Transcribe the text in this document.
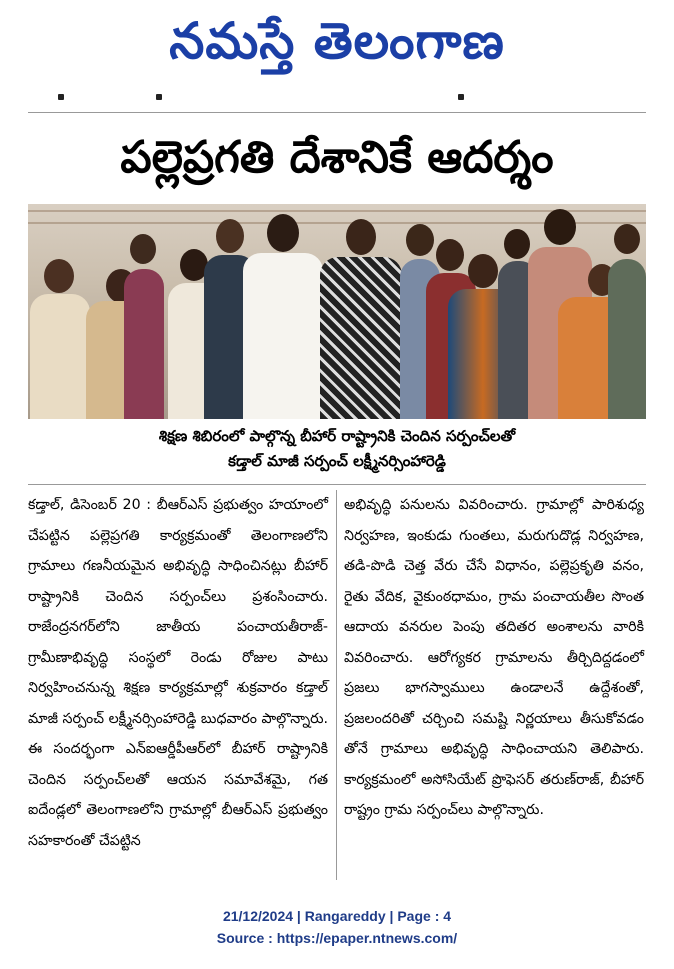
నమస్తే తెలంగాణ
పల్లెప్రగతి దేశానికే ఆదర్శం
శిక్షణ శిబిరంలో పాల్గొన్న బీహార్ రాష్ట్రానికి చెందిన సర్పంచ్‌లతో
కడ్తాల్ మాజీ సర్పంచ్ లక్ష్మీనర్సింహారెడ్డి
కడ్తాల్, డిసెంబర్ 20 : బీఆర్ఎస్ ప్రభుత్వం హయాంలో చేపట్టిన పల్లెప్రగతి కార్యక్రమంతో తెలంగాణలోని గ్రామాలు గణనీయమైన అభివృద్ధి సాధించినట్లు బీహార్ రాష్ట్రానికి చెందిన సర్పంచ్‌లు ప్రశంసించారు. రాజేంద్రనగర్‌లోని జాతీయ పంచాయతీరాజ్-గ్రామీణాభివృద్ధి సంస్థలో రెండు రోజుల పాటు నిర్వహించనున్న శిక్షణ కార్యక్రమాల్లో శుక్రవారం కడ్తాల్ మాజీ సర్పంచ్ లక్ష్మీనర్సింహారెడ్డి బుధవారం పాల్గొన్నారు. ఈ సందర్భంగా ఎన్ఐఆర్డీపీఆర్‌లో బీహార్ రాష్ట్రానికి చెందిన సర్పంచ్‌లతో ఆయన సమావేశమై, గత ఐదేండ్లలో తెలంగాణలోని గ్రామాల్లో బీఆర్ఎస్ ప్రభుత్వం సహకారంతో చేపట్టిన
అభివృద్ధి పనులను వివరించారు. గ్రామాల్లో పారిశుధ్య నిర్వహణ, ఇంకుడు గుంతలు, మరుగుదొడ్ల నిర్వహణ, తడి-పొడి చెత్త వేరు చేసే విధానం, పల్లెప్రకృతి వనం, రైతు వేదిక, వైకుంఠధామం, గ్రామ పంచాయతీల సొంత ఆదాయ వనరుల పెంపు తదితర అంశాలను వారికి వివరించారు. ఆరోగ్యకర గ్రామాలను తీర్చిదిద్దడంలో ప్రజలు భాగస్వాములు ఉండాలనే ఉద్దేశంతో, ప్రజలందరితో చర్చించి సమష్టి నిర్ణయాలు తీసుకోవడం తోనే గ్రామాలు అభివృద్ధి సాధించాయని తెలిపారు. కార్యక్రమంలో అసోసియేట్ ప్రొఫెసర్ తరుణ్‌రాజ్, బీహార్ రాష్ట్రం గ్రామ సర్పంచ్‌లు పాల్గొన్నారు.
21/12/2024 | Rangareddy | Page : 4
Source : https://epaper.ntnews.com/
